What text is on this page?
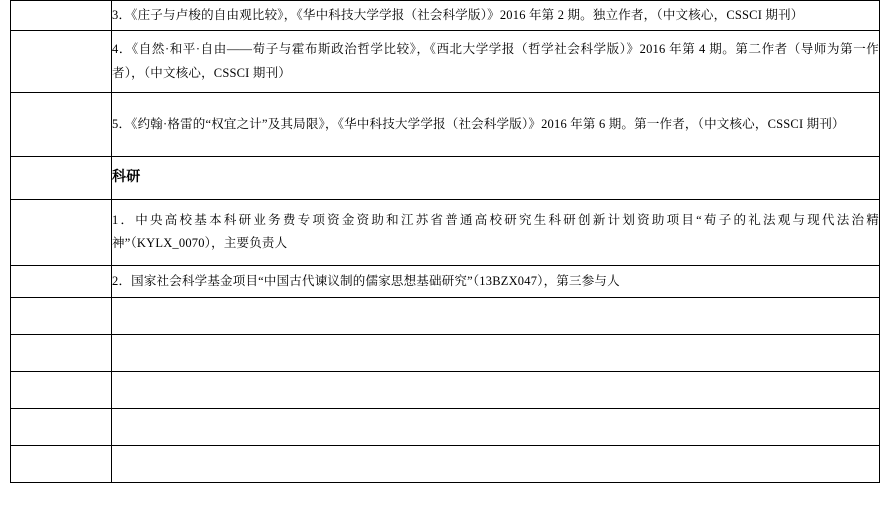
	3．《庄子与卢梭的自由观比较》，《华中科技大学学报（社会科学版）》2016 年第 2 期。独立作者，（中文核心，CSSCI 期刊）
	4．《自然·和平·自由——荀子与霍布斯政治哲学比较》，《西北大学学报（哲学社会科学版）》2016 年第 4 期。第二作者（导师为第一作者），（中文核心，CSSCI 期刊）
	5．《约翰·格雷的“权宜之计”及其局限》，《华中科技大学学报（社会科学版）》2016 年第 6 期。第一作者，（中文核心，CSSCI 期刊）
	科研
	1．中央高校基本科研业务费专项资金资助和江苏省普通高校研究生科研创新计划资助项目“荀子的礼法观与现代法治精神”（KYLX_0070），主要负责人
	2．国家社会科学基金项目“中国古代谏议制的儒家思想基础研究”（13BZX047），第三参与人
